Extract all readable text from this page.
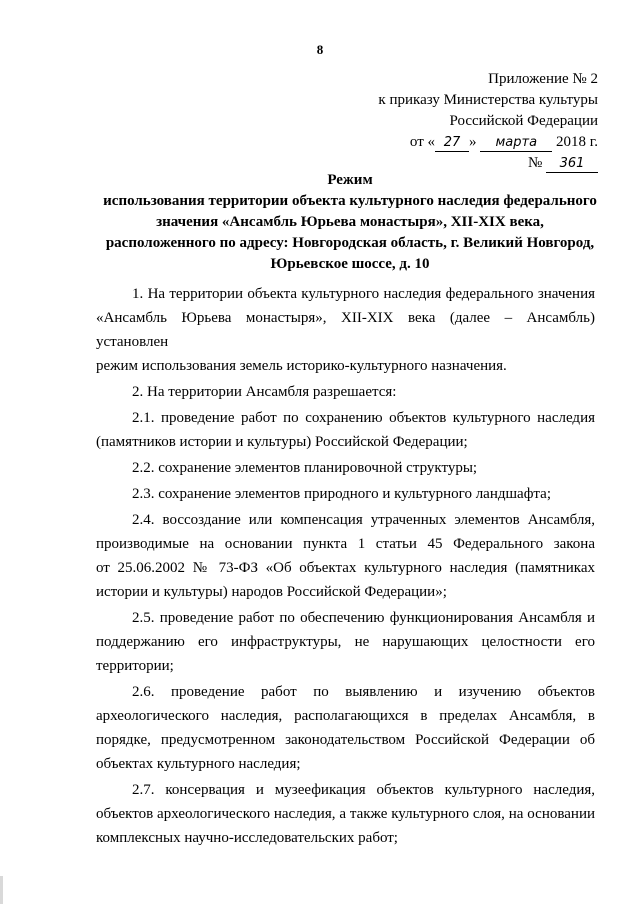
8
Приложение № 2
к приказу Министерства культуры
Российской Федерации
от « 27 » марта 2018 г.
№ 361
Режим
использования территории объекта культурного наследия федерального
значения «Ансамбль Юрьева монастыря», XII-XIX века,
расположенного по адресу: Новгородская область, г. Великий Новгород,
Юрьевское шоссе, д. 10
1. На территории объекта культурного наследия федерального значения
«Ансамбль Юрьева монастыря», XII-XIX века (далее – Ансамбль) установлен
режим использования земель историко-культурного назначения.
2. На территории Ансамбля разрешается:
2.1. проведение работ по сохранению объектов культурного наследия
(памятников истории и культуры) Российской Федерации;
2.2. сохранение элементов планировочной структуры;
2.3. сохранение элементов природного и культурного ландшафта;
2.4. воссоздание или компенсация утраченных элементов Ансамбля,
производимые на основании пункта 1 статьи 45 Федерального закона
от 25.06.2002 № 73-ФЗ «Об объектах культурного наследия (памятниках
истории и культуры) народов Российской Федерации»;
2.5. проведение работ по обеспечению функционирования Ансамбля и
поддержанию его инфраструктуры, не нарушающих целостности его
территории;
2.6. проведение работ по выявлению и изучению объектов
археологического наследия, располагающихся в пределах Ансамбля, в
порядке, предусмотренном законодательством Российской Федерации об
объектах культурного наследия;
2.7. консервация и музеефикация объектов культурного наследия,
объектов археологического наследия, а также культурного слоя, на основании
комплексных научно-исследовательских работ;
